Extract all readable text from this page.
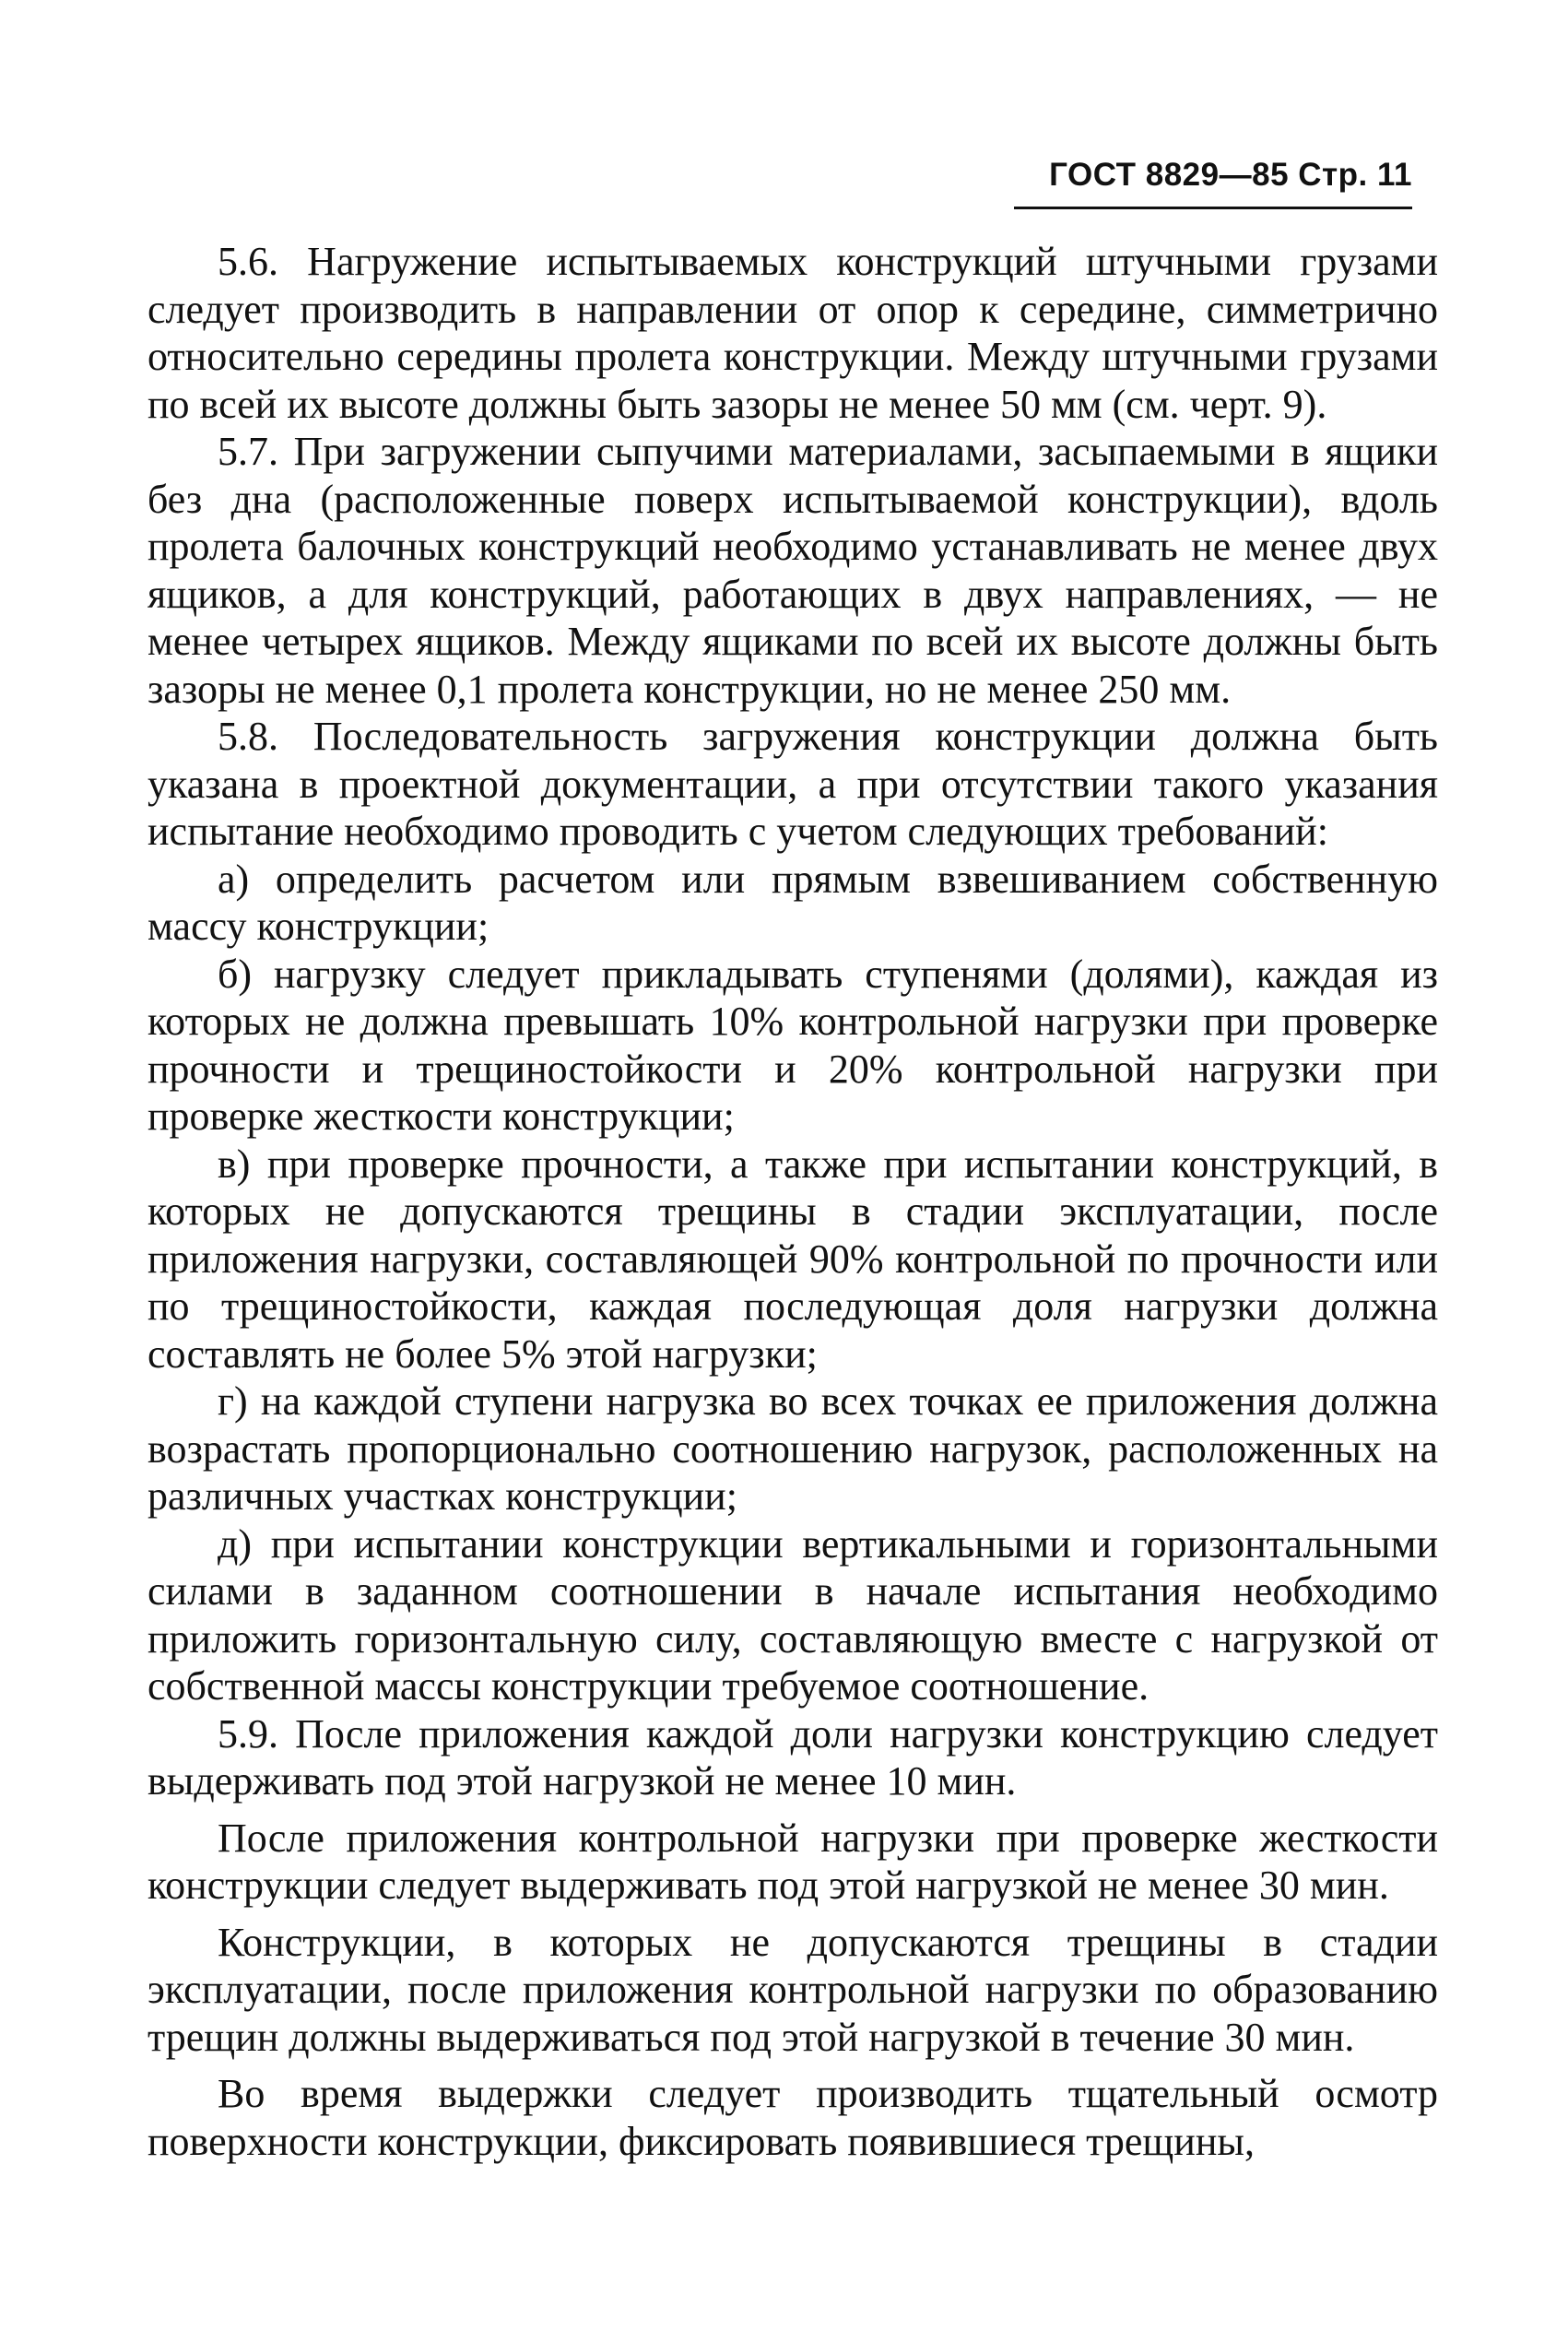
ГОСТ 8829—85 Стр. 11

5.6. Нагружение испытываемых конструкций штучными грузами следует производить в направлении от опор к середине, симметрично относительно середины пролета конструкции. Между штучными грузами по всей их высоте должны быть зазоры не менее 50 мм (см. черт. 9).

5.7. При загружении сыпучими материалами, засыпаемыми в ящики без дна (расположенные поверх испытываемой конструкции), вдоль пролета балочных конструкций необходимо устанавливать не менее двух ящиков, а для конструкций, работающих в двух направлениях, — не менее четырех ящиков. Между ящиками по всей их высоте должны быть зазоры не менее 0,1 пролета конструкции, но не менее 250 мм.

5.8. Последовательность загружения конструкции должна быть указана в проектной документации, а при отсутствии такого указания испытание необходимо проводить с учетом следующих требований:

а) определить расчетом или прямым взвешиванием собственную массу конструкции;

б) нагрузку следует прикладывать ступенями (долями), каждая из которых не должна превышать 10% контрольной нагрузки при проверке прочности и трещиностойкости и 20% контрольной нагрузки при проверке жесткости конструкции;

в) при проверке прочности, а также при испытании конструкций, в которых не допускаются трещины в стадии эксплуатации, после приложения нагрузки, составляющей 90% контрольной по прочности или по трещиностойкости, каждая последующая доля нагрузки должна составлять не более 5% этой нагрузки;

г) на каждой ступени нагрузка во всех точках ее приложения должна возрастать пропорционально соотношению нагрузок, расположенных на различных участках конструкции;

д) при испытании конструкции вертикальными и горизонтальными силами в заданном соотношении в начале испытания необходимо приложить горизонтальную силу, составляющую вместе с нагрузкой от собственной массы конструкции требуемое соотношение.

5.9. После приложения каждой доли нагрузки конструкцию следует выдерживать под этой нагрузкой не менее 10 мин.

После приложения контрольной нагрузки при проверке жесткости конструкции следует выдерживать под этой нагрузкой не менее 30 мин.

Конструкции, в которых не допускаются трещины в стадии эксплуатации, после приложения контрольной нагрузки по образованию трещин должны выдерживаться под этой нагрузкой в течение 30 мин.

Во время выдержки следует производить тщательный осмотр поверхности конструкции, фиксировать появившиеся трещины,
